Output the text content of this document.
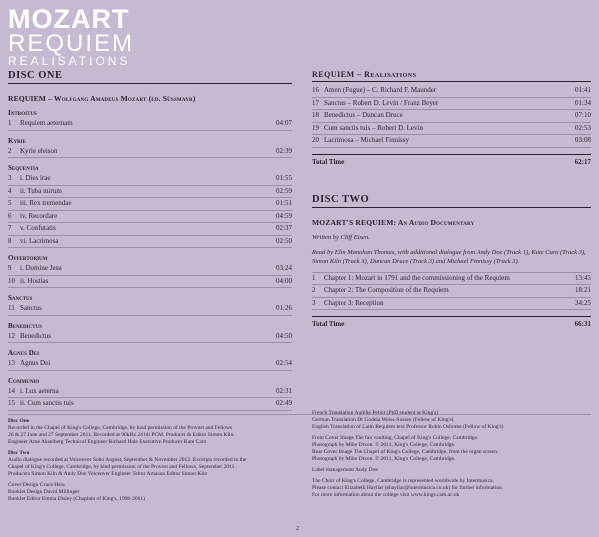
MOZART
REQUIEM
REALISATIONS
DISC ONE
REQUIEM – Wolfgang Amadeus Mozart (ed. Süssmayr)
Introitus
1	Requiem aeternam	04:07
Kyrie
2	Kyrie eleison	02:39
Sequentia
3	i. Dies irae	01:55
4	ii. Tuba mirum	02:59
5	iii. Rex tremendae	01:51
6	iv. Recordare	04:59
7	v. Confutatis	02:37
8	vi. Lacrimosa	02:50
Offertorium
9	i. Domine Jesu	03:24
10 ii. Hostias	04:00
Sanctus
11 Sanctus	01:26
Benedictus
12 Benedictus	04:50
Agnus Dei
13 Agnus Dei	02:54
Communio
14 i. Lux aeterna	02:31
15 ii. Cum sanctis tuis	02:49
REQUIEM – Realisations
16 Amen (Fugue) – C. Richard F. Maunder	01:41
17 Sanctus – Robert D. Levin / Franz Beyer	01:34
18 Benedictus – Duncan Druce	07:10
19 Cum sanctis tuis – Robert D. Levin	02:53
20 Lacrimosa – Michael Finnissy	03:08
Total Time	62:17
DISC TWO
MOZART'S REQUIEM: An Audio Documentary
Written by Cliff Eisen.
Read by Elin Manahan Thomas, with additional dialogue from Andy Doe (Track 1), Kate Caro (Track 3), Simon Kiln (Track 3), Duncan Druce (Track 3) and Michael Finnissy (Track 3).
1	Chapter 1: Mozart in 1791 and the commissioning of the Requiem	13:45
2	Chapter 2: The Composition of the Requiem	18:21
3	Chapter 3: Reception	34:25
Total Time	66:31
Disc One
Recorded in the Chapel of King's College, Cambridge, by kind permission of the Provost and Fellows
26 & 27 June and 27 September 2011. Recorded at 96kHz 24 bit PCM. Producer & Editor Simon Kiln.
Engineer Arne Akselberg Technical Engineer Richard Hale Executive Producer Kate Caro
Disc Two
Audio dialogue recorded at Voiceover Soho August, September & November 2012. Excerpts recorded in the
Chapel of King's College, Cambridge, by kind permission of the Provost and Fellows, September 2011.
Producers Simon Kiln & Andy Doe Voiceover Engineer Teitur Arnason Editor Simon Kiln
Cover Design Grace Hsiu
Booklet Design David Millinger
Booklet Editor Emma Disley (Chaplain of King's, 1996-2001)
French Translation Aurélie Petiot (PhD student at King's)
German Translation Dr Godela Weiss-Sussex (Fellow of King's)
English Translation of Latin Requiem text Professor Robin Osborne (Fellow of King's)
Front Cover Image The fan vaulting, Chapel of King's College, Cambridge.
Photograph by Mike Dixon. © 2011, King's College, Cambridge.
Rear Cover Image The Chapel of King's College, Cambridge, from the organ screen.
Photograph by Mike Dixon. © 2011, King's College, Cambridge.
Label management Andy Doe
The Choir of King's College, Cambridge is represented worldwide by Intermusica.
Please contact Elizabeth Hayllar (ehayllar@intermusica.co.uk) for further information.
For more information about the college visit www.kings.cam.ac.uk
2
